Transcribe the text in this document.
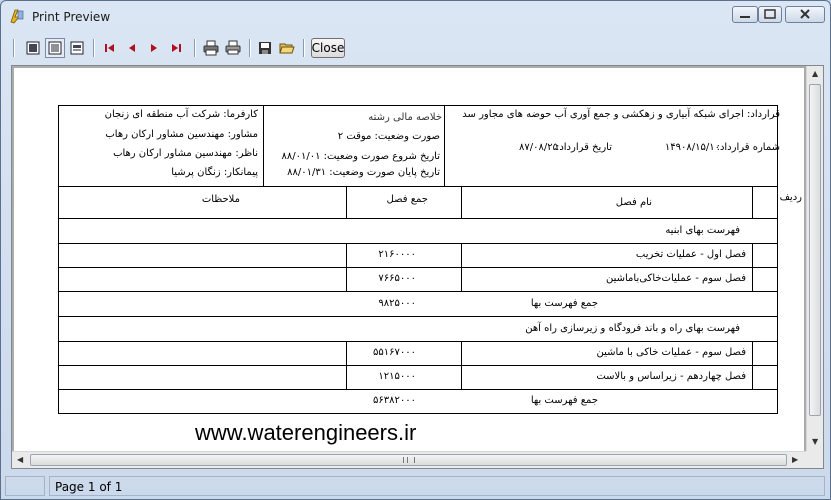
Print Preview
Close
قرارداد: اجرای شبکه آبیاری و زهکشی و جمع آوری آب حوضه های مجاور سد
شماره قرارداد:
۱۴۹۰۸/۱۵/۱۰
تاریخ قرارداد:
۸۷/۰۸/۲۵
خلاصه مالی رشته
صورت وضعیت: موقت ۲
تاریخ شروع صورت وضعیت: ۸۸/۰۱/۰۱
تاریخ پایان صورت وضعیت: ۸۸/۰۱/۳۱
کارفرما: شرکت آب منطقه ای زنجان
مشاور: مهندسین مشاور ارکان رهاب
ناظر: مهندسین مشاور ارکان رهاب
پیمانکار: زنگان پرشیا
ردیف
نام فصل
جمع فصل
ملاحظات
فهرست بهای ابنیه
فصل اول - عملیات تخریب
۲۱۶۰۰۰۰
فصل سوم - عملیات‌خاکی‌باماشین
۷۶۶۵۰۰۰
جمع فهرست بها
۹۸۲۵۰۰۰
فهرست بهای راه و باند فرودگاه و زیرسازی راه آهن
فصل سوم - عملیات خاکی با ماشین
۵۵۱۶۷۰۰۰
فصل چهاردهم - زیراساس و بالاست
۱۲۱۵۰۰۰
جمع فهرست بها
۵۶۳۸۲۰۰۰
www.waterengineers.ir
▲
▼
◀	▶
Page 1 of 1
